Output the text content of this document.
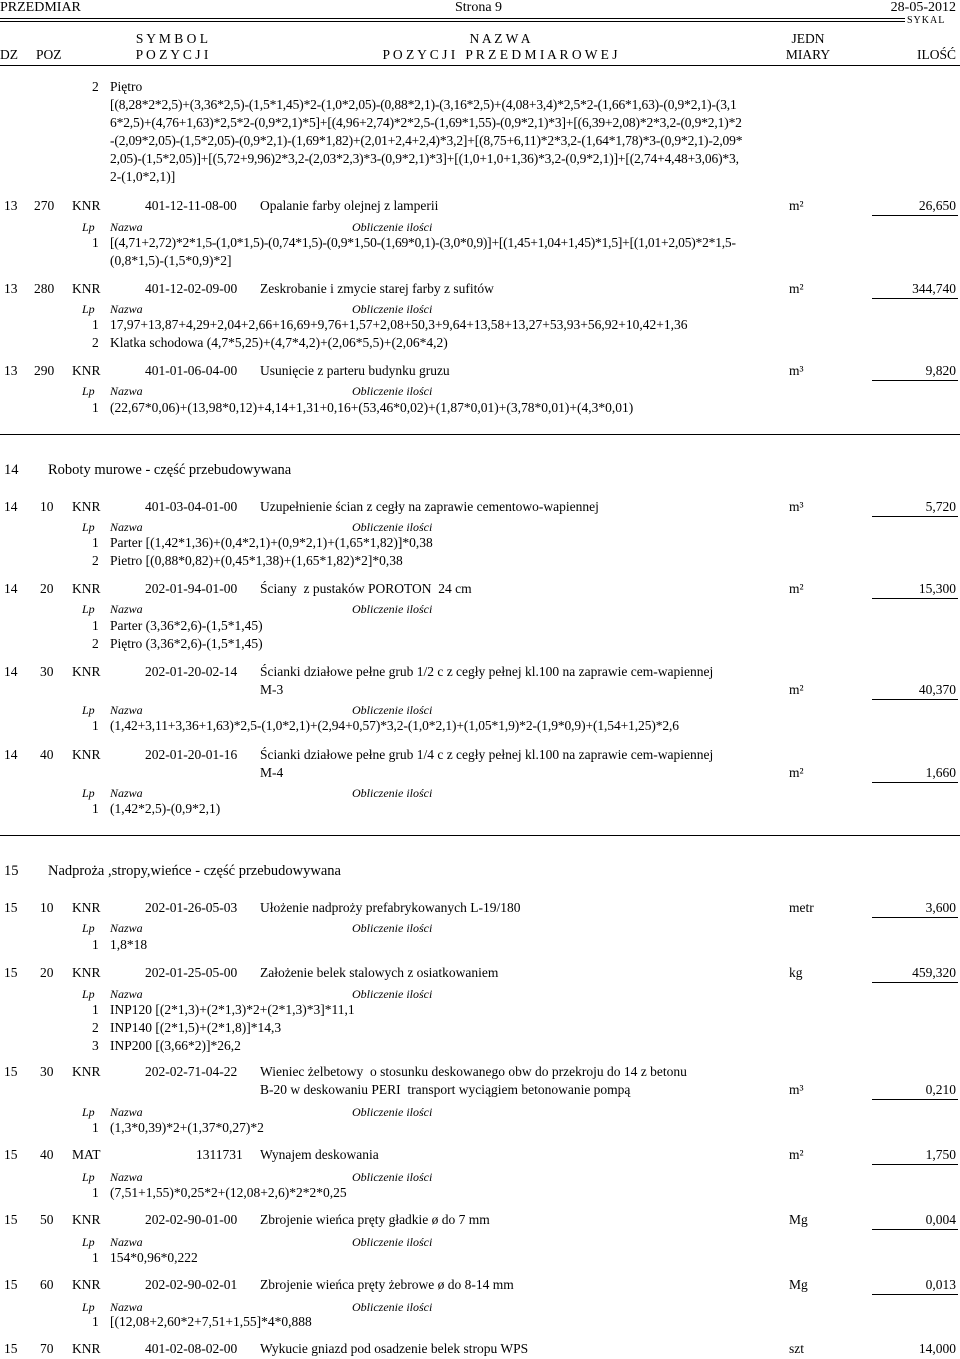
PRZEDMIAR	Strona 9	28-05-2012
SYKAL
S Y M B O L	N A Z W A	JEDN
DZ POZ	P O Z Y C J I	P O Z Y C J I   P R Z E D M I A R O W E J	MIARY	ILOŚĆ
2 Piętro
[(8,28*2*2,5)+(3,36*2,5)-(1,5*1,45)*2-(1,0*2,05)-(0,88*2,1)-(3,16*2,5)+(4,08+3,4)*2,5*2-(1,66*1,63)-(0,9*2,1)-(3,1
6*2,5)+(4,76+1,63)*2,5*2-(0,9*2,1)*5]+[(4,96+2,74)*2*2,5-(1,69*1,55)-(0,9*2,1)*3]+[(6,39+2,08)*2*3,2-(0,9*2,1)*2
-(2,09*2,05)-(1,5*2,05)-(0,9*2,1)-(1,69*1,82)+(2,01+2,4+2,4)*3,2]+[(8,75+6,11)*2*3,2-(1,64*1,78)*3-(0,9*2,1)-2,09*
2,05)-(1,5*2,05)]+[(5,72+9,96)2*3,2-(2,03*2,3)*3-(0,9*2,1)*3]+[(1,0+1,0+1,36)*3,2-(0,9*2,1)]+[(2,74+4,48+3,06)*3,
2-(1,0*2,1)]
13 270 KNR	401-12-11-08-00 Opalanie farby olejnej z lamperii	m²	26,650
Lp Nazwa	Obliczenie ilości
1 [(4,71+2,72)*2*1,5-(1,0*1,5)-(0,74*1,5)-(0,9*1,50-(1,69*0,1)-(3,0*0,9)]+[(1,45+1,04+1,45)*1,5]+[(1,01+2,05)*2*1,5-
(0,8*1,5)-(1,5*0,9)*2]
13 280 KNR	401-12-02-09-00 Zeskrobanie i zmycie starej farby z sufitów	m²	344,740
Lp Nazwa	Obliczenie ilości
1 17,97+13,87+4,29+2,04+2,66+16,69+9,76+1,57+2,08+50,3+9,64+13,58+13,27+53,93+56,92+10,42+1,36
2 Klatka schodowa (4,7*5,25)+(4,7*4,2)+(2,06*5,5)+(2,06*4,2)
13 290 KNR	401-01-06-04-00 Usunięcie z parteru budynku gruzu	m³	9,820
Lp Nazwa	Obliczenie ilości
1 (22,67*0,06)+(13,98*0,12)+4,14+1,31+0,16+(53,46*0,02)+(1,87*0,01)+(3,78*0,01)+(4,3*0,01)
14 Roboty murowe - część przebudowywana
14 10 KNR	401-03-04-01-00 Uzupełnienie ścian z cegły na zaprawie cementowo-wapiennej	m³	5,720
Lp Nazwa	Obliczenie ilości
1 Parter [(1,42*1,36)+(0,4*2,1)+(0,9*2,1)+(1,65*1,82)]*0,38
2 Pietro [(0,88*0,82)+(0,45*1,38)+(1,65*1,82)*2]*0,38
14 20 KNR	202-01-94-01-00 Ściany  z pustaków POROTON  24 cm	m²	15,300
Lp Nazwa	Obliczenie ilości
1 Parter (3,36*2,6)-(1,5*1,45)
2 Piętro (3,36*2,6)-(1,5*1,45)
14 30 KNR	202-01-20-02-14 Ścianki działowe pełne grub 1/2 c z cegły pełnej kl.100 na zaprawie cem-wapiennej
M-3	m²	40,370
Lp Nazwa	Obliczenie ilości
1 (1,42+3,11+3,36+1,63)*2,5-(1,0*2,1)+(2,94+0,57)*3,2-(1,0*2,1)+(1,05*1,9)*2-(1,9*0,9)+(1,54+1,25)*2,6
14 40 KNR	202-01-20-01-16 Ścianki działowe pełne grub 1/4 c z cegły pełnej kl.100 na zaprawie cem-wapiennej
M-4	m²	1,660
Lp Nazwa	Obliczenie ilości
1 (1,42*2,5)-(0,9*2,1)
15 Nadproża ,stropy,wieńce - część przebudowywana
15 10 KNR	202-01-26-05-03 Ułożenie nadproży prefabrykowanych L-19/180	metr	3,600
Lp Nazwa	Obliczenie ilości
1 1,8*18
15 20 KNR	202-01-25-05-00 Założenie belek stalowych z osiatkowaniem	kg	459,320
Lp Nazwa	Obliczenie ilości
1 INP120 [(2*1,3)+(2*1,3)*2+(2*1,3)*3]*11,1
2 INP140 [(2*1,5)+(2*1,8)]*14,3
3 INP200 [(3,66*2)]*26,2
15 30 KNR	202-02-71-04-22 Wieniec żelbetowy  o stosunku deskowanego obw do przekroju do 14 z betonu
B-20 w deskowaniu PERI  transport wyciągiem betonowanie pompą	m³	0,210
Lp Nazwa	Obliczenie ilości
1 (1,3*0,39)*2+(1,37*0,27)*2
15 40 MAT	1311731 Wynajem deskowania	m²	1,750
Lp Nazwa	Obliczenie ilości
1 (7,51+1,55)*0,25*2+(12,08+2,6)*2*2*0,25
15 50 KNR	202-02-90-01-00 Zbrojenie wieńca pręty gładkie ø do 7 mm	Mg	0,004
Lp Nazwa	Obliczenie ilości
1 154*0,96*0,222
15 60 KNR	202-02-90-02-01 Zbrojenie wieńca pręty żebrowe ø do 8-14 mm	Mg	0,013
Lp Nazwa	Obliczenie ilości
1 [(12,08+2,60*2+7,51+1,55]*4*0,888
15 70 KNR	401-02-08-02-00 Wykucie gniazd pod osadzenie belek stropu WPS	szt	14,000
